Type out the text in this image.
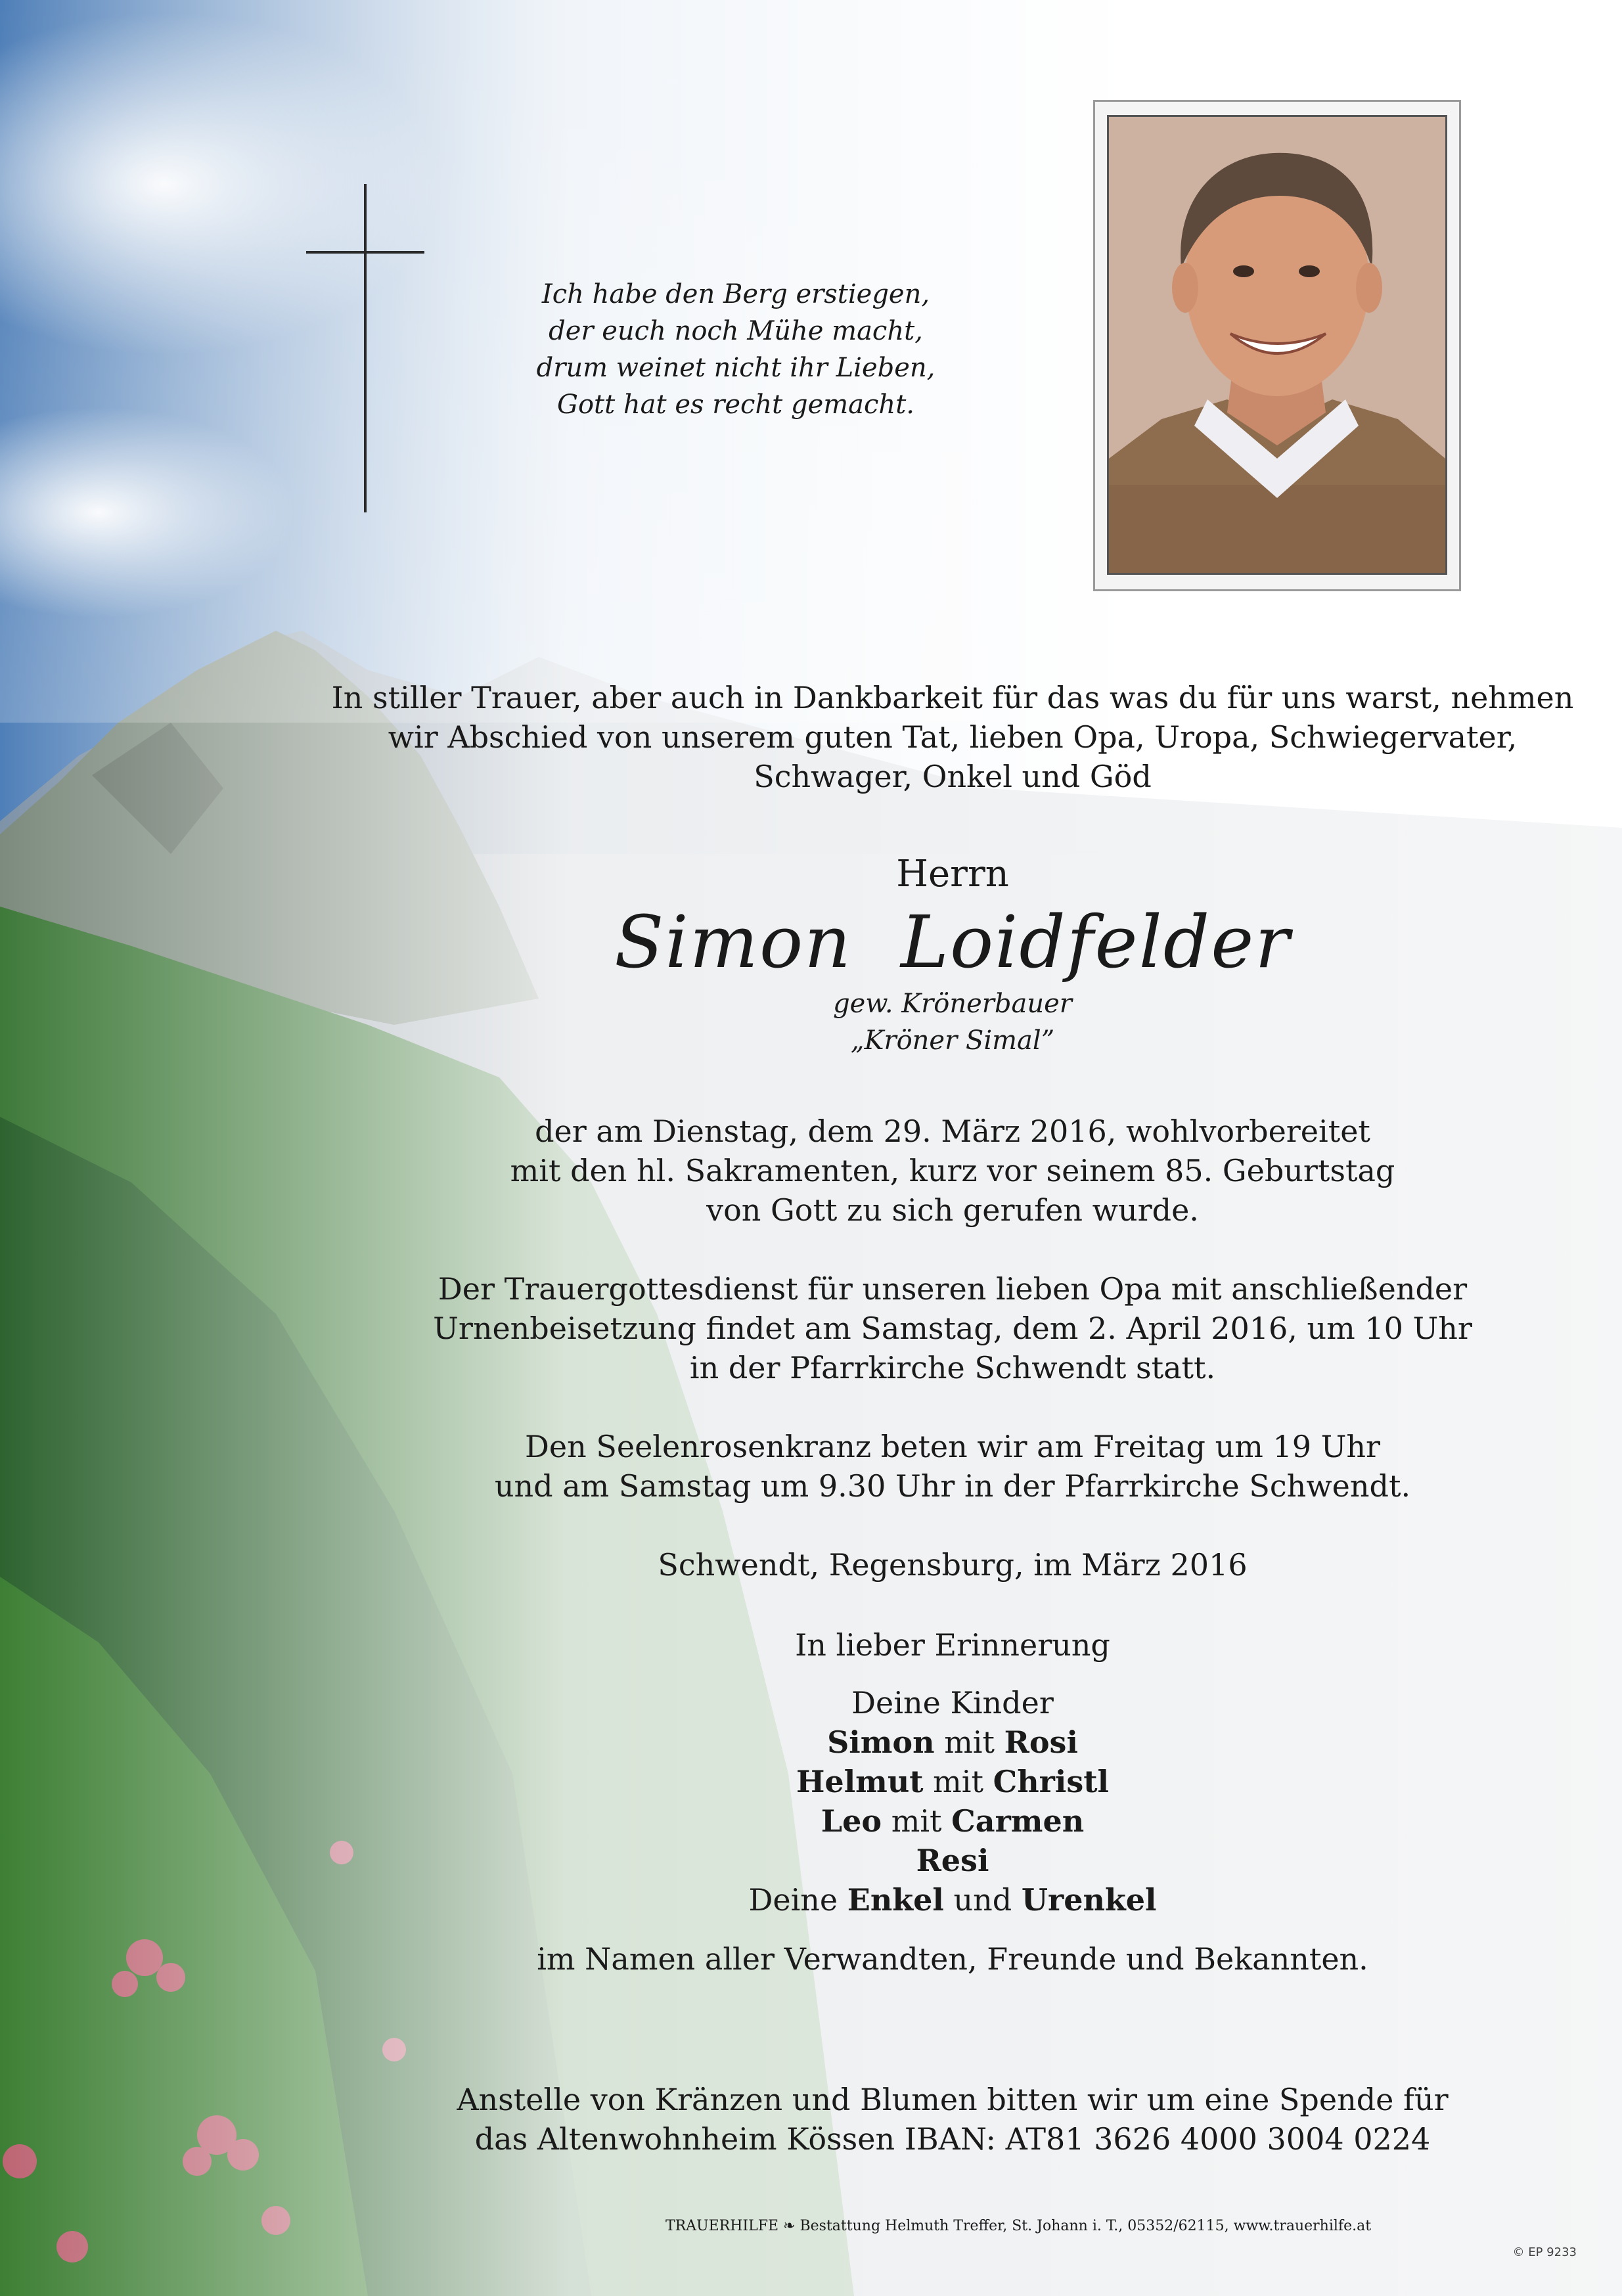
Ich habe den Berg erstiegen,
der euch noch Mühe macht,
drum weinet nicht ihr Lieben,
Gott hat es recht gemacht.
In stiller Trauer, aber auch in Dankbarkeit für das was du für uns warst, nehmen
wir Abschied von unserem guten Tat, lieben Opa, Uropa, Schwiegervater,
Schwager, Onkel und Göd
Herrn
Simon  Loidfelder
gew. Krönerbauer
„Kröner Simal”
der am Dienstag, dem 29. März 2016, wohlvorbereitet
mit den hl. Sakramenten, kurz vor seinem 85. Geburtstag
von Gott zu sich gerufen wurde.
Der Trauergottesdienst für unseren lieben Opa mit anschließender
Urnenbeisetzung findet am Samstag, dem 2. April 2016, um 10 Uhr
in der Pfarrkirche Schwendt statt.
Den Seelenrosenkranz beten wir am Freitag um 19 Uhr
und am Samstag um 9.30 Uhr in der Pfarrkirche Schwendt.
Schwendt, Regensburg, im März 2016
In lieber Erinnerung
Deine Kinder
Simon mit Rosi
Helmut mit Christl
Leo mit Carmen
Resi
Deine Enkel und Urenkel
im Namen aller Verwandten, Freunde und Bekannten.
Anstelle von Kränzen und Blumen bitten wir um eine Spende für
das Altenwohnheim Kössen IBAN: AT81 3626 4000 3004 0224
TRAUERHILFE ❧ Bestattung Helmuth Treffer, St. Johann i. T., 05352/62115, www.trauerhilfe.at
© EP 9233
